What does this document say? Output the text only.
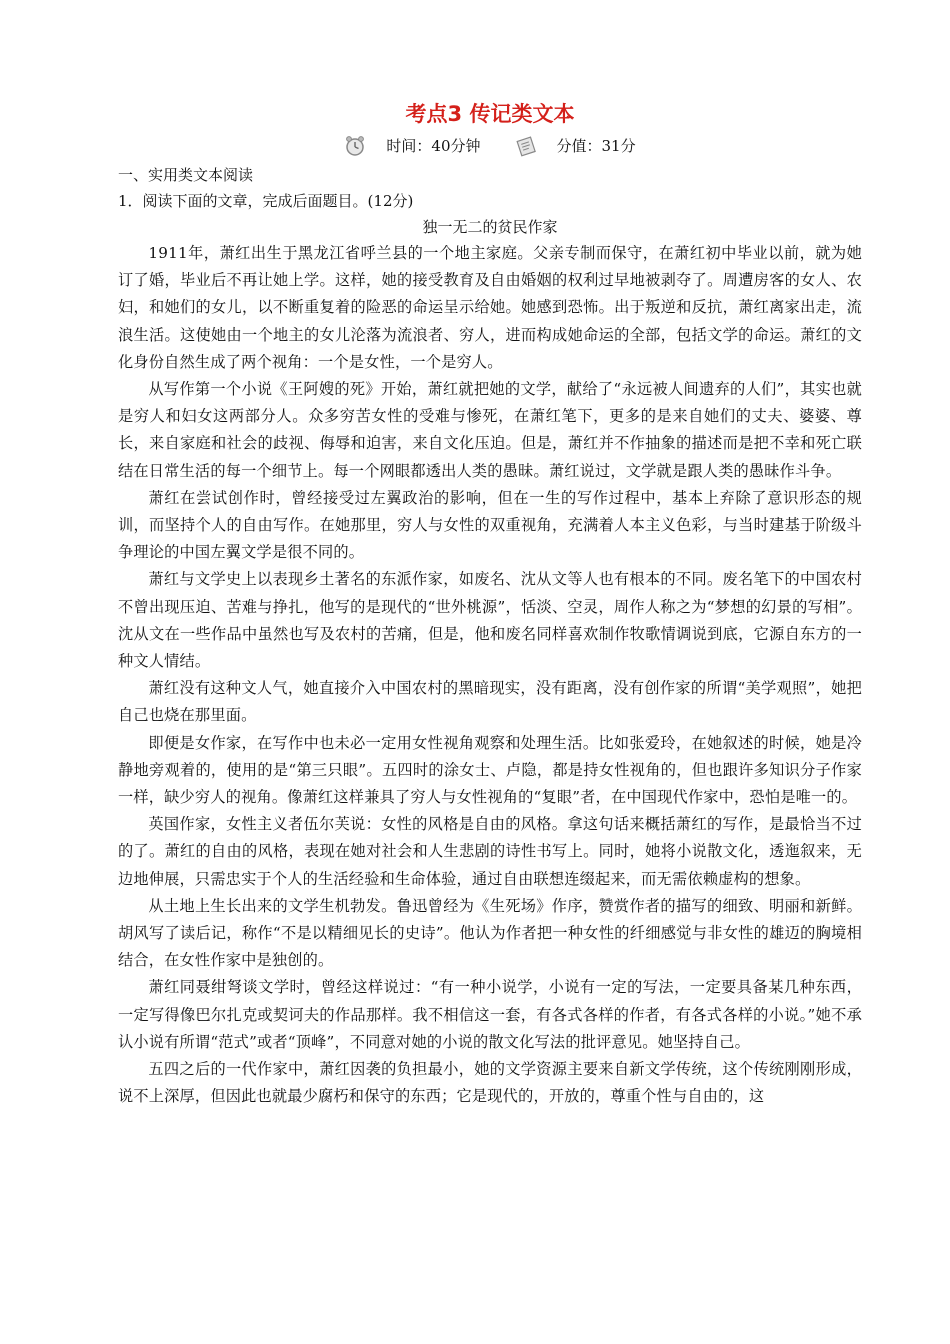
考点3 传记类文本
时间：40分钟	分值：31分

一、实用类文本阅读

1．阅读下面的文章，完成后面题目。(12分)

独一无二的贫民作家

1911年，萧红出生于黑龙江省呼兰县的一个地主家庭。父亲专制而保守，在萧红初中毕业以前，就为她订了婚，毕业后不再让她上学。这样，她的接受教育及自由婚姻的权利过早地被剥夺了。周遭房客的女人、农妇，和她们的女儿，以不断重复着的险恶的命运呈示给她。她感到恐怖。出于叛逆和反抗，萧红离家出走，流浪生活。这使她由一个地主的女儿沦落为流浪者、穷人，进而构成她命运的全部，包括文学的命运。萧红的文化身份自然生成了两个视角：一个是女性，一个是穷人。

从写作第一个小说《王阿嫂的死》开始，萧红就把她的文学，献给了“永远被人间遗弃的人们”，其实也就是穷人和妇女这两部分人。众多穷苦女性的受难与惨死，在萧红笔下，更多的是来自她们的丈夫、婆婆、尊长，来自家庭和社会的歧视、侮辱和迫害，来自文化压迫。但是，萧红并不作抽象的描述而是把不幸和死亡联结在日常生活的每一个细节上。每一个网眼都透出人类的愚昧。萧红说过，文学就是跟人类的愚昧作斗争。

萧红在尝试创作时，曾经接受过左翼政治的影响，但在一生的写作过程中，基本上弃除了意识形态的规训，而坚持个人的自由写作。在她那里，穷人与女性的双重视角，充满着人本主义色彩，与当时建基于阶级斗争理论的中国左翼文学是很不同的。

萧红与文学史上以表现乡土著名的东派作家，如废名、沈从文等人也有根本的不同。废名笔下的中国农村不曾出现压迫、苦难与挣扎，他写的是现代的“世外桃源”，恬淡、空灵，周作人称之为“梦想的幻景的写相”。沈从文在一些作品中虽然也写及农村的苦痛，但是，他和废名同样喜欢制作牧歌情调说到底，它源自东方的一种文人情结。

萧红没有这种文人气，她直接介入中国农村的黑暗现实，没有距离，没有创作家的所谓“美学观照”，她把自己也烧在那里面。

即便是女作家，在写作中也未必一定用女性视角观察和处理生活。比如张爱玲，在她叙述的时候，她是冷静地旁观着的，使用的是“第三只眼”。五四时的涂女士、卢隐，都是持女性视角的，但也跟许多知识分子作家一样，缺少穷人的视角。像萧红这样兼具了穷人与女性视角的“复眼”者，在中国现代作家中，恐怕是唯一的。

英国作家，女性主义者伍尔芙说：女性的风格是自由的风格。拿这句话来概括萧红的写作，是最恰当不过的了。萧红的自由的风格，表现在她对社会和人生悲剧的诗性书写上。同时，她将小说散文化，透迤叙来，无边地伸展，只需忠实于个人的生活经验和生命体验，通过自由联想连缀起来，而无需依赖虚构的想象。

从土地上生长出来的文学生机勃发。鲁迅曾经为《生死场》作序，赞赏作者的描写的细致、明丽和新鲜。胡风写了读后记，称作“不是以精细见长的史诗”。他认为作者把一种女性的纤细感觉与非女性的雄迈的胸境相结合，在女性作家中是独创的。

萧红同聂绀弩谈文学时，曾经这样说过：“有一种小说学，小说有一定的写法，一定要具备某几种东西，一定写得像巴尔扎克或契诃夫的作品那样。我不相信这一套，有各式各样的作者，有各式各样的小说。”她不承认小说有所谓“范式”或者“顶峰”，不同意对她的小说的散文化写法的批评意见。她坚持自己。

五四之后的一代作家中，萧红因袭的负担最小，她的文学资源主要来自新文学传统，这个传统刚刚形成，说不上深厚，但因此也就最少腐朽和保守的东西；它是现代的，开放的，尊重个性与自由的，这
